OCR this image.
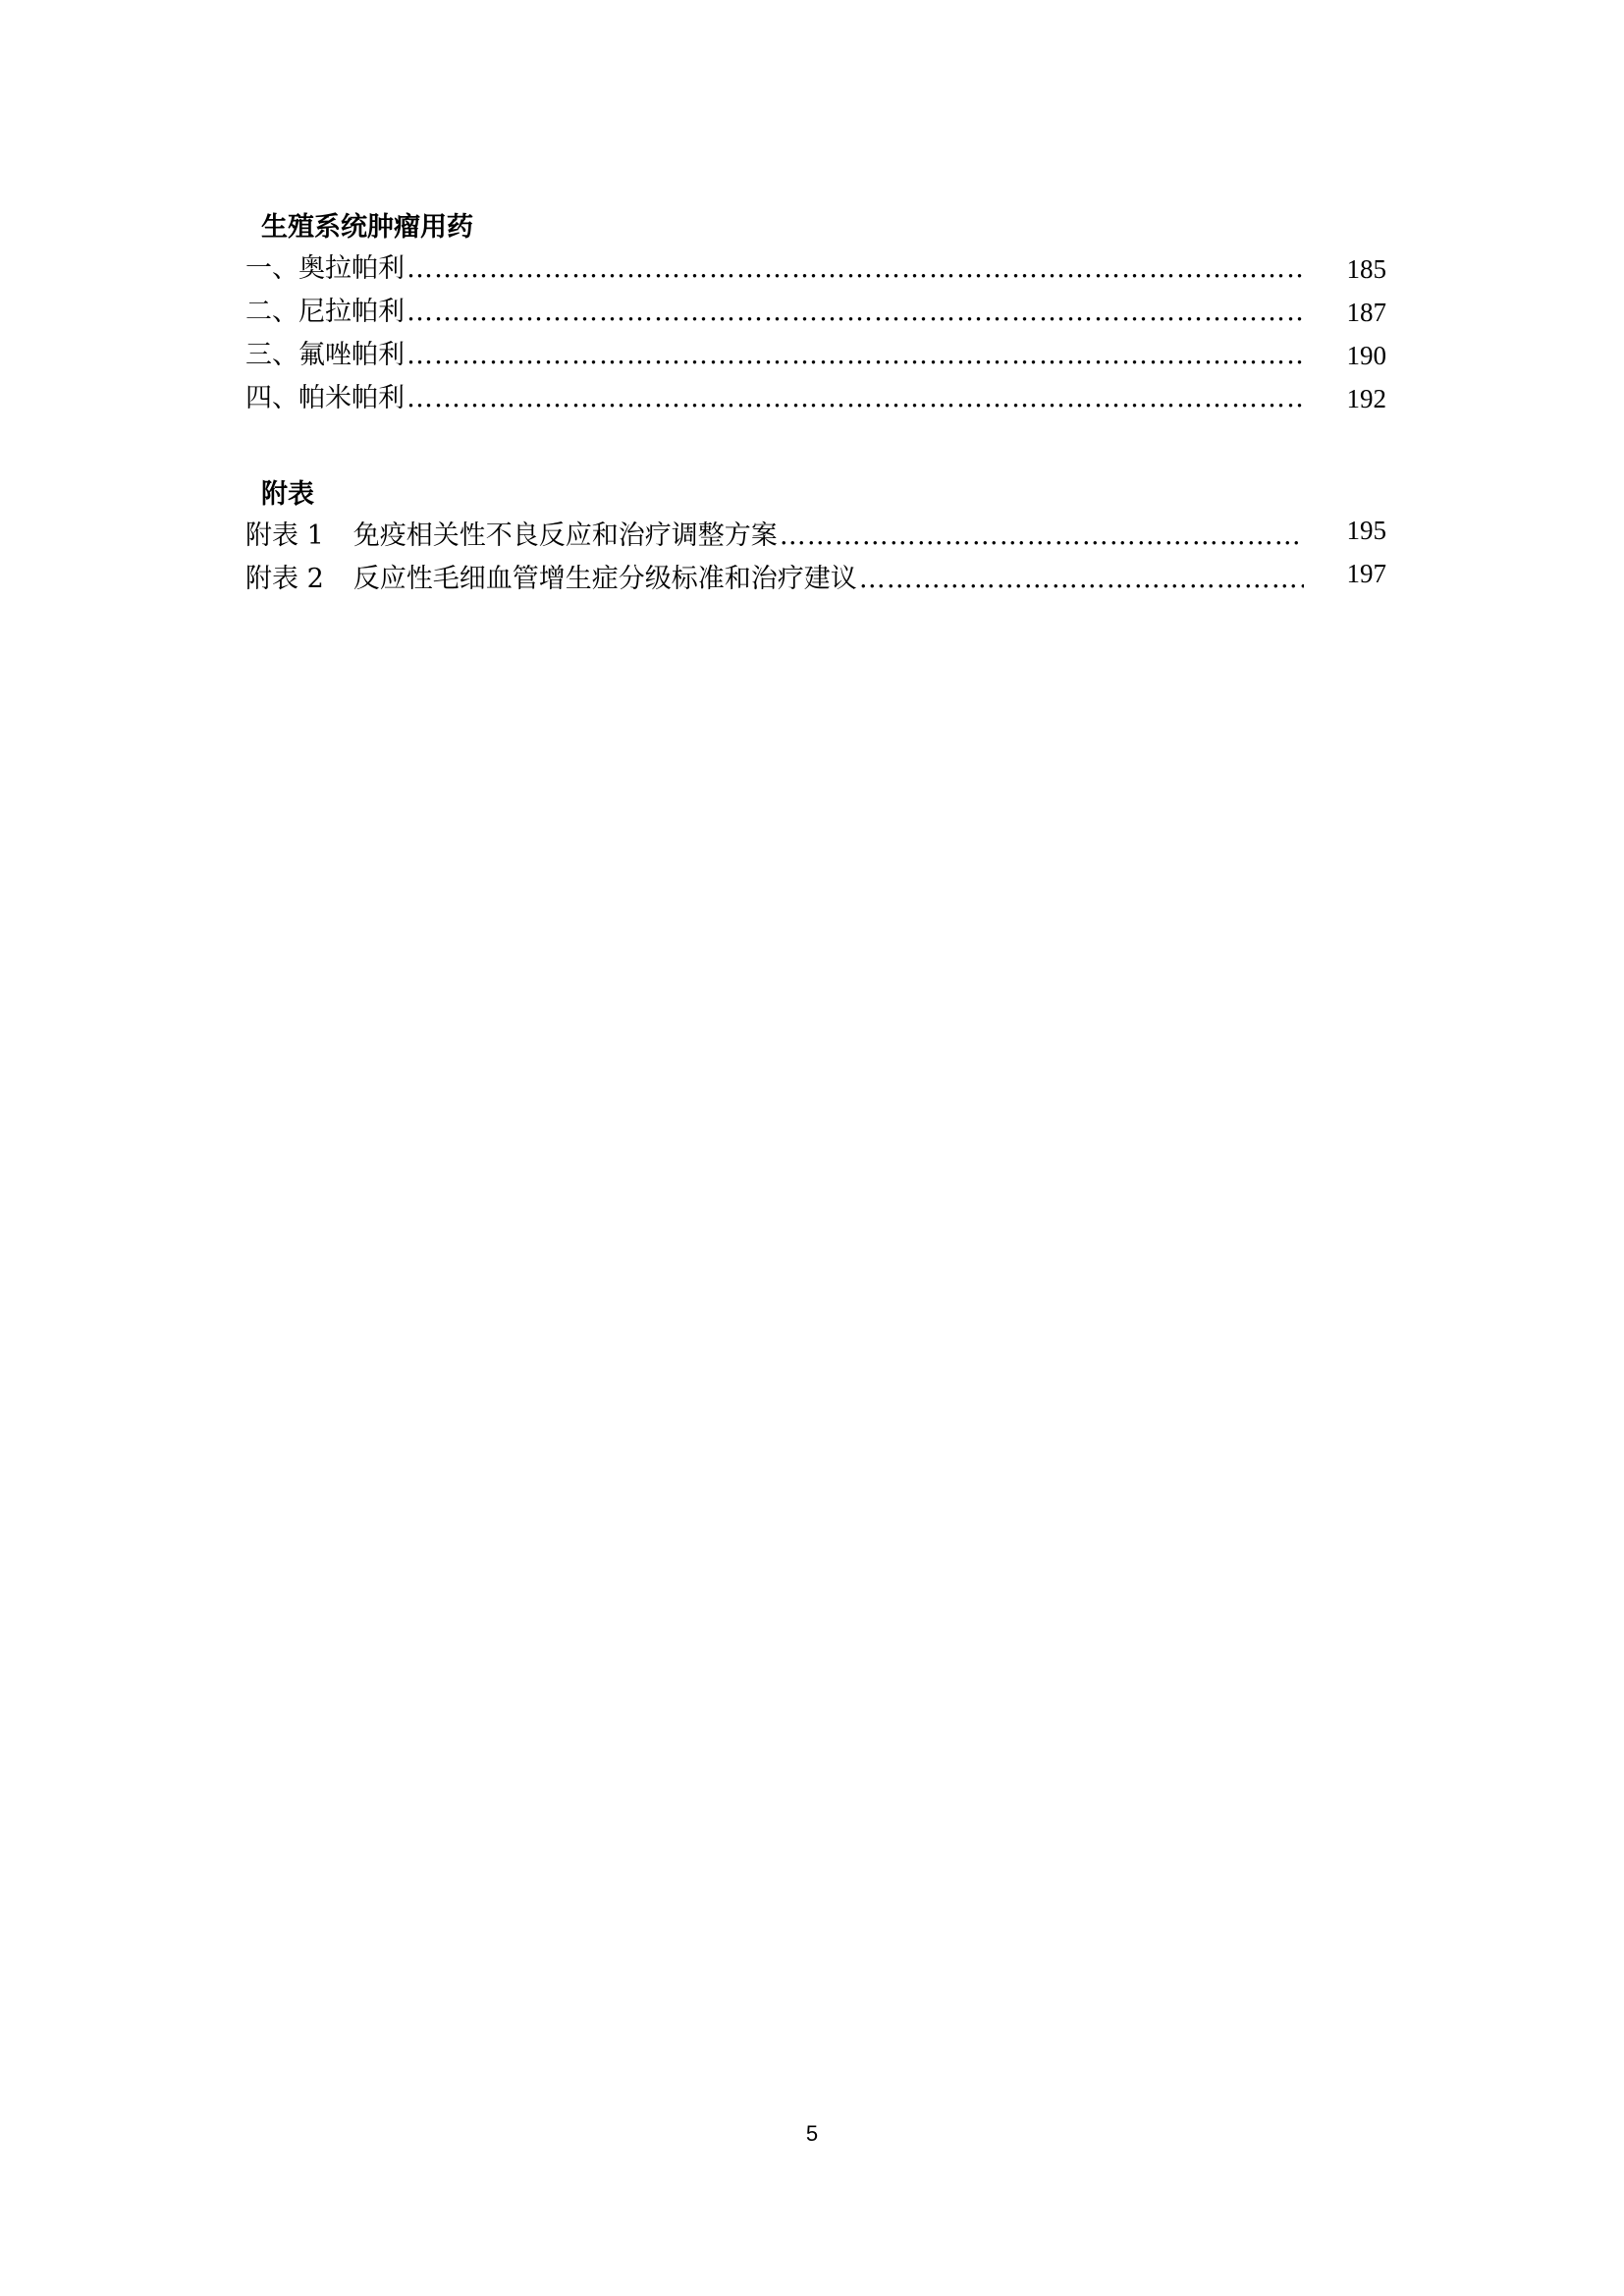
生殖系统肿瘤用药
一、奥拉帕利 …………………………………………………………………………………………………………………………………………………………………………	185
二、尼拉帕利 …………………………………………………………………………………………………………………………………………………………………………	187
三、氟唑帕利 …………………………………………………………………………………………………………………………………………………………………………	190
四、帕米帕利 …………………………………………………………………………………………………………………………………………………………………………	192
附表
附表 1 免疫相关性不良反应和治疗调整方案 …………………………………………………………………………………………………………………………………………………………………………	195
附表 2 反应性毛细血管增生症分级标准和治疗建议 …………………………………………………………………………………………………………………………………………………………………………	197
5
